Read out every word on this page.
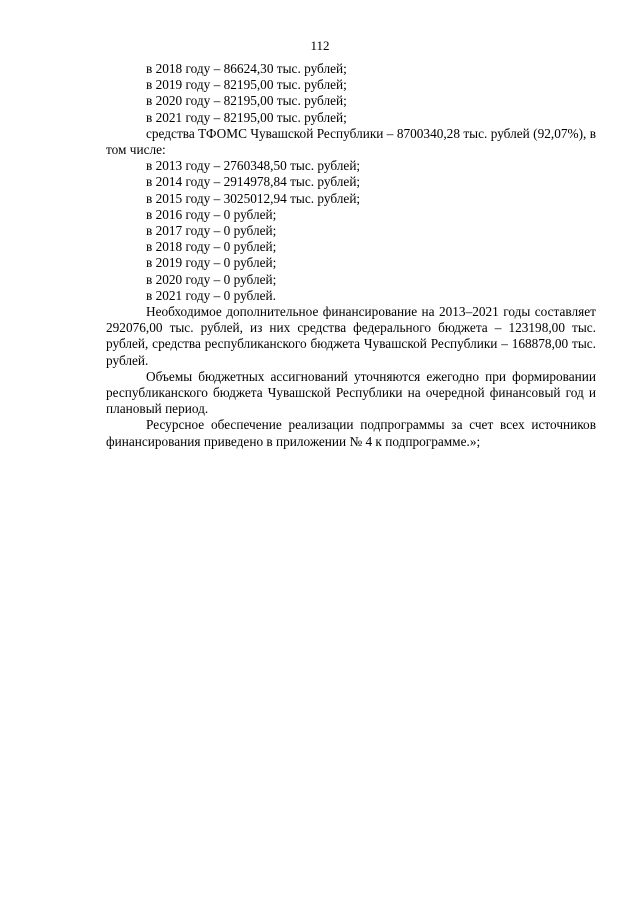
112
в 2018 году – 86624,30 тыс. рублей;
в 2019 году – 82195,00 тыс. рублей;
в 2020 году – 82195,00 тыс. рублей;
в 2021 году – 82195,00 тыс. рублей;

средства ТФОМС Чувашской Республики – 8700340,28 тыс. рублей (92,07%), в том числе:

в 2013 году – 2760348,50 тыс. рублей;
в 2014 году – 2914978,84 тыс. рублей;
в 2015 году – 3025012,94 тыс. рублей;
в 2016 году – 0 рублей;
в 2017 году – 0 рублей;
в 2018 году – 0 рублей;
в 2019 году – 0 рублей;
в 2020 году – 0 рублей;
в 2021 году – 0 рублей.

Необходимое дополнительное финансирование на 2013–2021 годы составляет 292076,00 тыс. рублей, из них средства федерального бюджета – 123198,00 тыс. рублей, средства республиканского бюджета Чувашской Республики – 168878,00 тыс. рублей.

Объемы бюджетных ассигнований уточняются ежегодно при формировании республиканского бюджета Чувашской Республики на очередной финансовый год и плановый период.

Ресурсное обеспечение реализации подпрограммы за счет всех источников финансирования приведено в приложении № 4 к подпрограмме.»;
